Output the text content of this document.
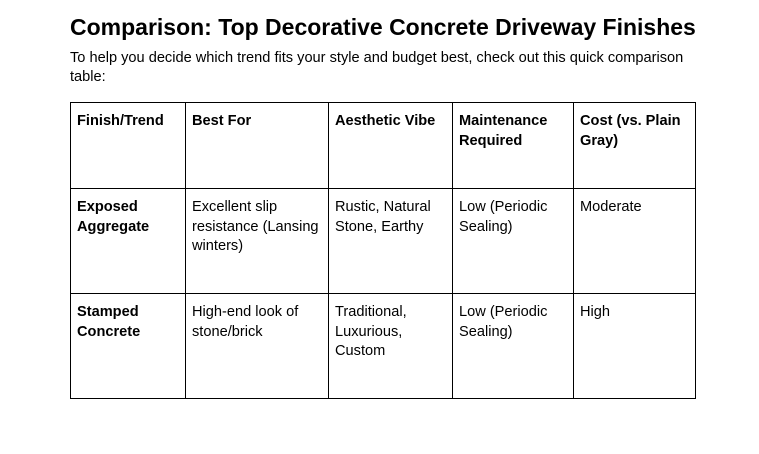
Comparison: Top Decorative Concrete Driveway Finishes

To help you decide which trend fits your style and budget best, check out this quick comparison table:

Finish/Trend	Best For	Aesthetic Vibe	Maintenance Required	Cost (vs. Plain Gray)
Exposed Aggregate	Excellent slip resistance (Lansing winters)	Rustic, Natural Stone, Earthy	Low (Periodic Sealing)	Moderate
Stamped Concrete	High-end look of stone/brick	Traditional, Luxurious, Custom	Low (Periodic Sealing)	High
